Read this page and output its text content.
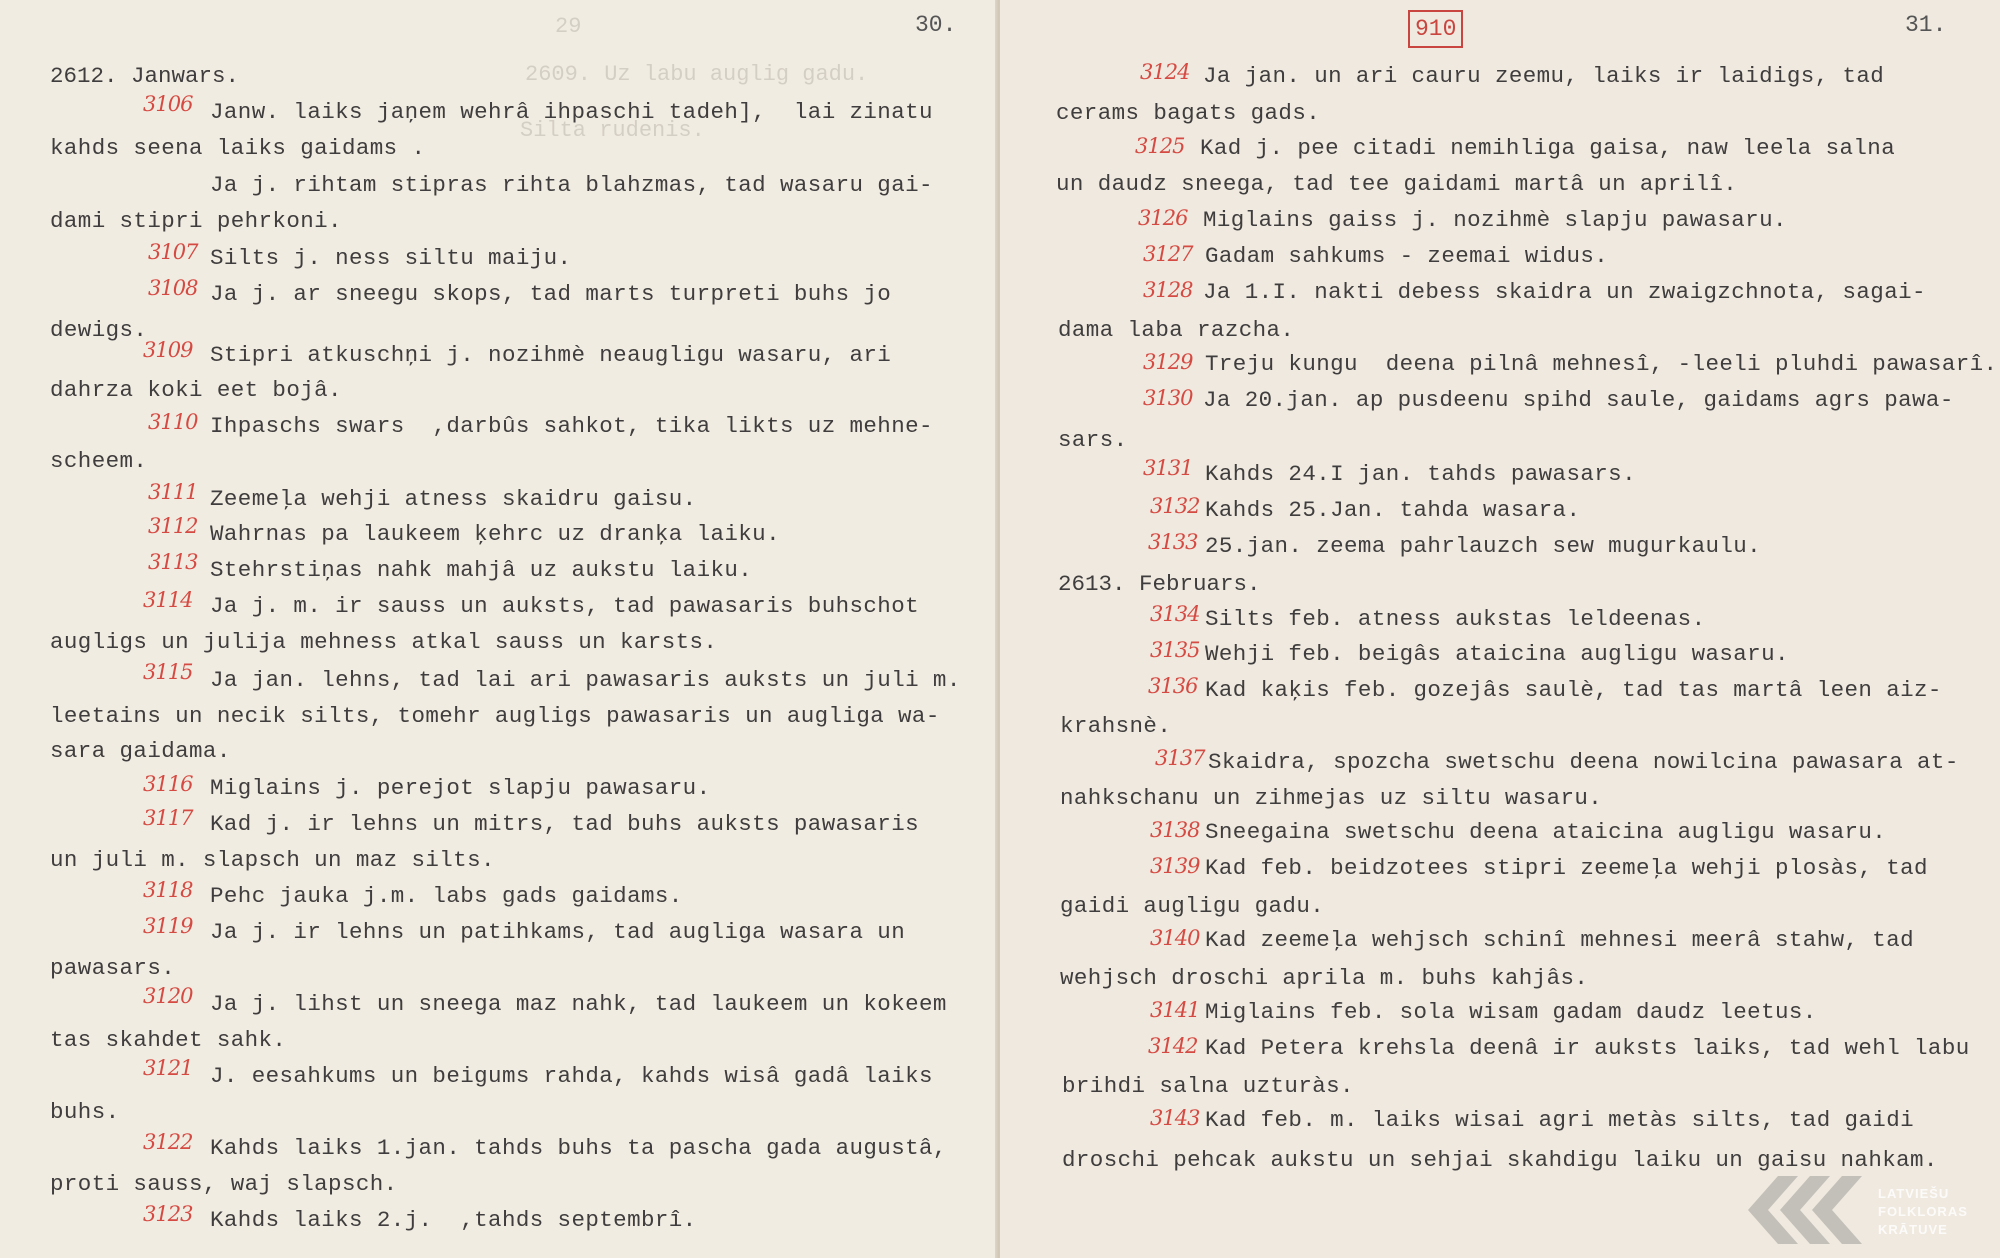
29
2609. Uz labu auglig gadu.
Silta rudenis.
30.
2612. Janwars.
3106 Janw. laiks jaņem wehrâ ihpaschi tadeh],  lai zinatu
kahds seena laiks gaidams .
Ja j. rihtam stipras rihta blahzmas, tad wasaru gai-
dami stipri pehrkoni.
3107 Silts j. ness siltu maiju.
3108 Ja j. ar sneegu skops, tad marts turpreti buhs jo
dewigs.
3109 Stipri atkuschņi j. nozihmè neaugligu wasaru, ari
dahrza koki eet bojâ.
3110 Ihpaschs swars  ,darbûs sahkot, tika likts uz mehne-
scheem.
3111 Zeemeļa wehji atness skaidru gaisu.
3112 Wahrnas pa laukeem ķehrc uz dranķa laiku.
3113 Stehrstiņas nahk mahjâ uz aukstu laiku.
3114 Ja j. m. ir sauss un auksts, tad pawasaris buhschot
augligs un julija mehness atkal sauss un karsts.
3115 Ja jan. lehns, tad lai ari pawasaris auksts un juli m.
leetains un necik silts, tomehr augligs pawasaris un augliga wa-
sara gaidama.
3116 Miglains j. perejot slapju pawasaru.
3117 Kad j. ir lehns un mitrs, tad buhs auksts pawasaris
un juli m. slapsch un maz silts.
3118 Pehc jauka j.m. labs gads gaidams.
3119 Ja j. ir lehns un patihkams, tad augliga wasara un
pawasars.
3120 Ja j. lihst un sneega maz nahk, tad laukeem un kokeem
tas skahdet sahk.
3121 J. eesahkums un beigums rahda, kahds wisâ gadâ laiks
buhs.
3122 Kahds laiks 1.jan. tahds buhs ta pascha gada augustâ,
proti sauss, waj slapsch.
3123 Kahds laiks 2.j.  ,tahds septembrî.
910	31.
3124 Ja jan. un ari cauru zeemu, laiks ir laidigs, tad
cerams bagats gads.
3125 Kad j. pee citadi nemihliga gaisa, naw leela salna
un daudz sneega, tad tee gaidami martâ un aprilî.
3126 Miglains gaiss j. nozihmè slapju pawasaru.
3127 Gadam sahkums - zeemai widus.
3128 Ja 1.I. nakti debess skaidra un zwaigzchnota, sagai-
dama laba razcha.
3129 Treju kungu  deena pilnâ mehnesî, -leeli pluhdi pawasarî.
3130 Ja 20.jan. ap pusdeenu spihd saule, gaidams agrs pawa-
sars.
3131 Kahds 24.I jan. tahds pawasars.
3132 Kahds 25.Jan. tahda wasara.
3133 25.jan. zeema pahrlauzch sew mugurkaulu.
2613. Februars.
3134 Silts feb. atness aukstas leldeenas.
3135 Wehji feb. beigâs ataicina augligu wasaru.
3136 Kad kaķis feb. gozejâs saulè, tad tas martâ leen aiz-
krahsnè.
3137 Skaidra, spozcha swetschu deena nowilcina pawasara at-
nahkschanu un zihmejas uz siltu wasaru.
3138 Sneegaina swetschu deena ataicina augligu wasaru.
3139 Kad feb. beidzotees stipri zeemeļa wehji plosàs, tad
gaidi augligu gadu.
3140 Kad zeemeļa wehjsch schinî mehnesi meerâ stahw, tad
wehjsch droschi aprila m. buhs kahjâs.
3141 Miglains feb. sola wisam gadam daudz leetus.
3142 Kad Petera krehsla deenâ ir auksts laiks, tad wehl labu
brihdi salna uzturàs.
3143 Kad feb. m. laiks wisai agri metàs silts, tad gaidi
droschi pehcak aukstu un sehjai skahdigu laiku un gaisu nahkam.
LATVIEŠU
FOLKLORAS
KRĀTUVE
